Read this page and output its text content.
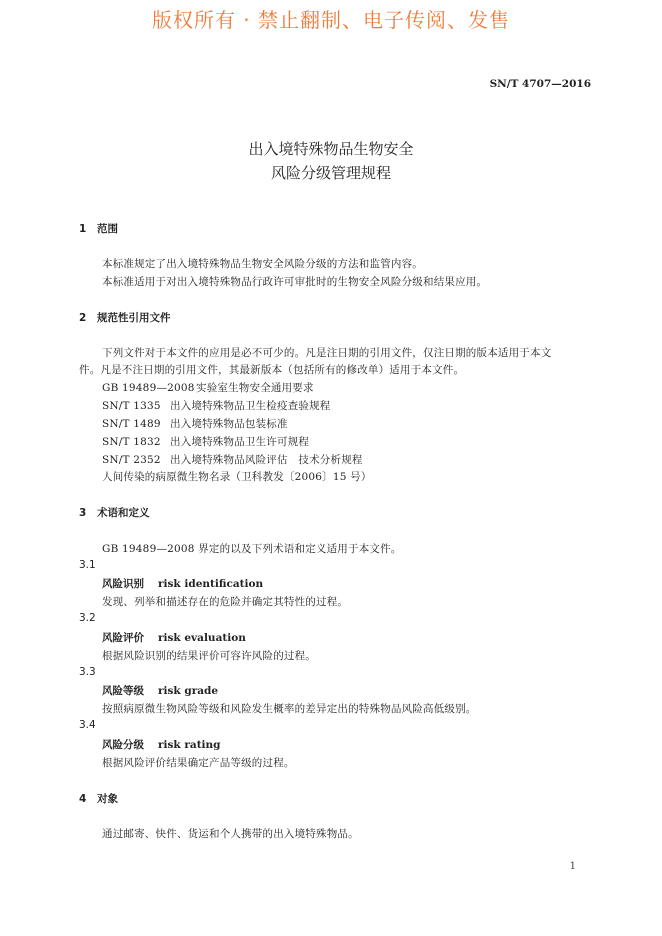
版权所有 · 禁止翻制、电子传阅、发售
SN/T 4707—2016
出入境特殊物品生物安全
风险分级管理规程
1 范围
本标准规定了出入境特殊物品生物安全风险分级的方法和监管内容。
本标准适用于对出入境特殊物品行政许可审批时的生物安全风险分级和结果应用。
2 规范性引用文件
下列文件对于本文件的应用是必不可少的。凡是注日期的引用文件，仅注日期的版本适用于本文
件。凡是不注日期的引用文件，其最新版本（包括所有的修改单）适用于本文件。
GB 19489—2008实验室生物安全通用要求
SN/T 1335 出入境特殊物品卫生检疫查验规程
SN/T 1489 出入境特殊物品包装标准
SN/T 1832 出入境特殊物品卫生许可规程
SN/T 2352 出入境特殊物品风险评估　技术分析规程
人间传染的病原微生物名录（卫科教发〔2006〕15 号）
3 术语和定义
GB 19489—2008 界定的以及下列术语和定义适用于本文件。
3.1
风险识别 risk identification
发现、列举和描述存在的危险并确定其特性的过程。
3.2
风险评价 risk evaluation
根据风险识别的结果评价可容许风险的过程。
3.3
风险等级 risk grade
按照病原微生物风险等级和风险发生概率的差异定出的特殊物品风险高低级别。
3.4
风险分级 risk rating
根据风险评价结果确定产品等级的过程。
4 对象
通过邮寄、快件、货运和个人携带的出入境特殊物品。
1
